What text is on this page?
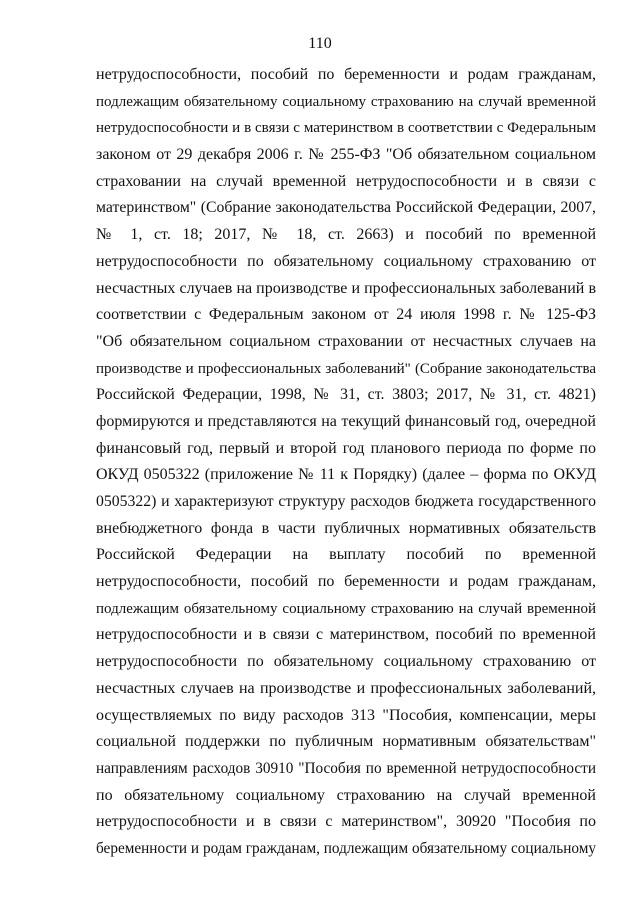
110
нетрудоспособности, пособий по беременности и родам гражданам,
подлежащим обязательному социальному страхованию на случай временной
нетрудоспособности и в связи с материнством в соответствии с Федеральным
законом от 29 декабря 2006 г. № 255-ФЗ "Об обязательном социальном
страховании на случай временной нетрудоспособности и в связи с
материнством" (Собрание законодательства Российской Федерации, 2007,
№ 1, ст. 18; 2017, № 18, ст. 2663) и пособий по временной
нетрудоспособности по обязательному социальному страхованию от
несчастных случаев на производстве и профессиональных заболеваний в
соответствии с Федеральным законом от 24 июля 1998 г. № 125-ФЗ
"Об обязательном социальном страховании от несчастных случаев на
производстве и профессиональных заболеваний" (Собрание законодательства
Российской Федерации, 1998, № 31, ст. 3803; 2017, № 31, ст. 4821)
формируются и представляются на текущий финансовый год, очередной
финансовый год, первый и второй год планового периода по форме по
ОКУД 0505322 (приложение № 11 к Порядку) (далее – форма по ОКУД
0505322) и характеризуют структуру расходов бюджета государственного
внебюджетного фонда в части публичных нормативных обязательств
Российской Федерации на выплату пособий по временной
нетрудоспособности, пособий по беременности и родам гражданам,
подлежащим обязательному социальному страхованию на случай временной
нетрудоспособности и в связи с материнством, пособий по временной
нетрудоспособности по обязательному социальному страхованию от
несчастных случаев на производстве и профессиональных заболеваний,
осуществляемых по виду расходов 313 "Пособия, компенсации, меры
социальной поддержки по публичным нормативным обязательствам"
направлениям расходов 30910 "Пособия по временной нетрудоспособности
по обязательному социальному страхованию на случай временной
нетрудоспособности и в связи с материнством", 30920 "Пособия по
беременности и родам гражданам, подлежащим обязательному социальному
